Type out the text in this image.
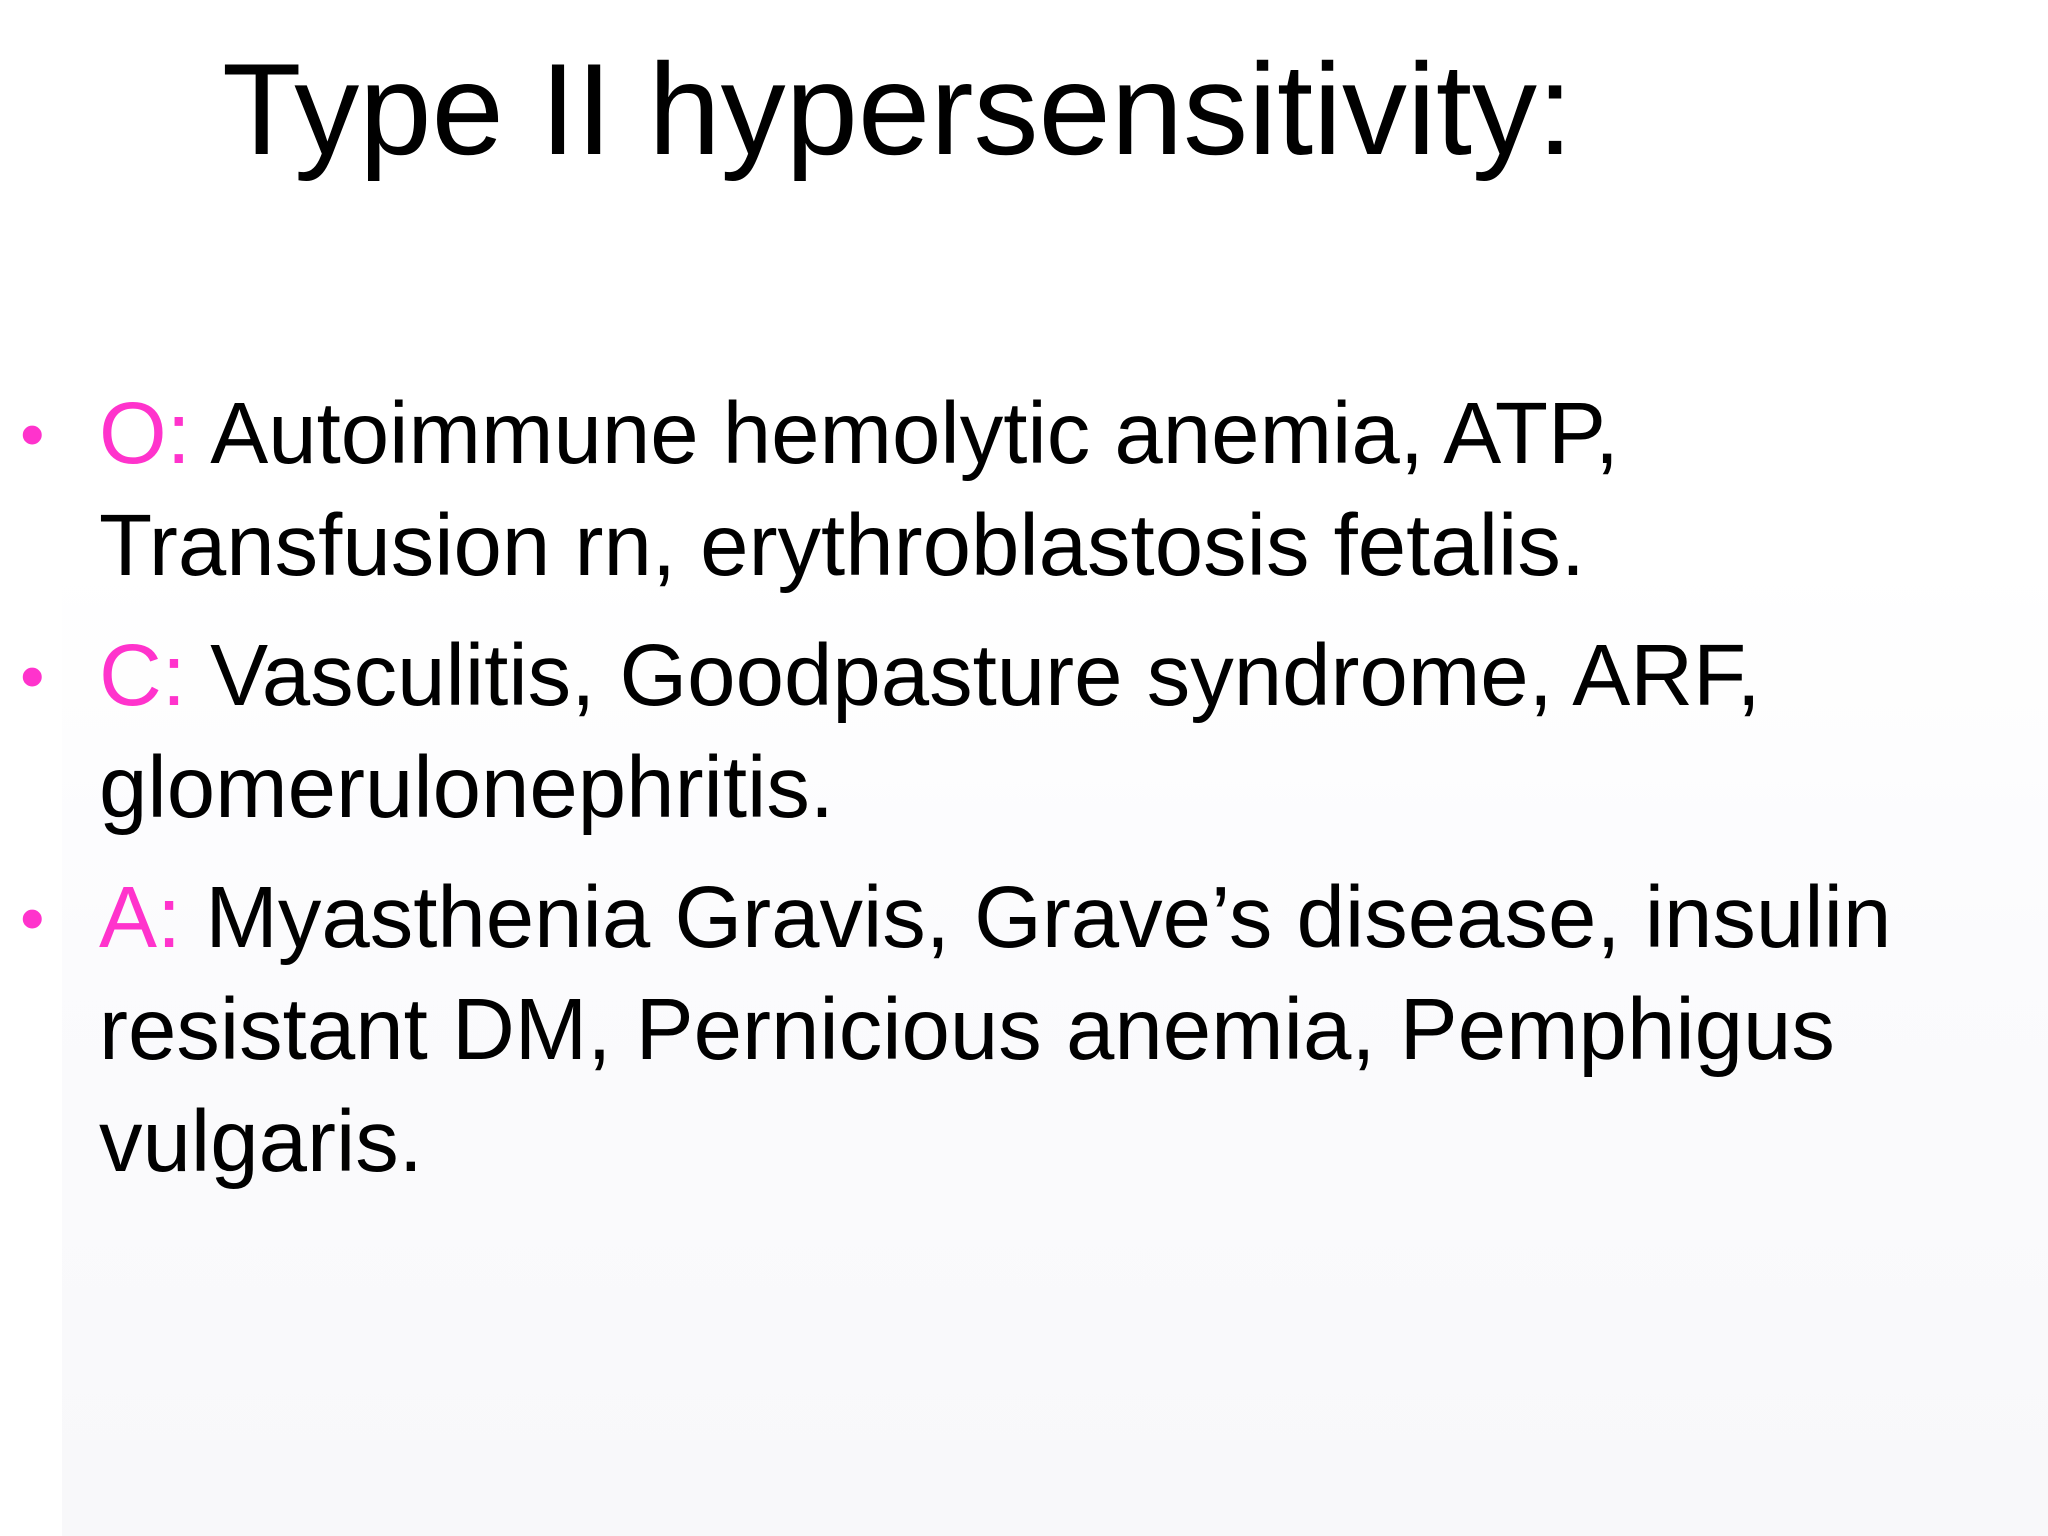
Type II hypersensitivity:
• O: Autoimmune hemolytic anemia, ATP, Transfusion rn, erythroblastosis fetalis.
• C: Vasculitis, Goodpasture syndrome, ARF, glomerulonephritis.
• A: Myasthenia Gravis, Grave’s disease, insulin resistant DM, Pernicious anemia, Pemphigus vulgaris.
